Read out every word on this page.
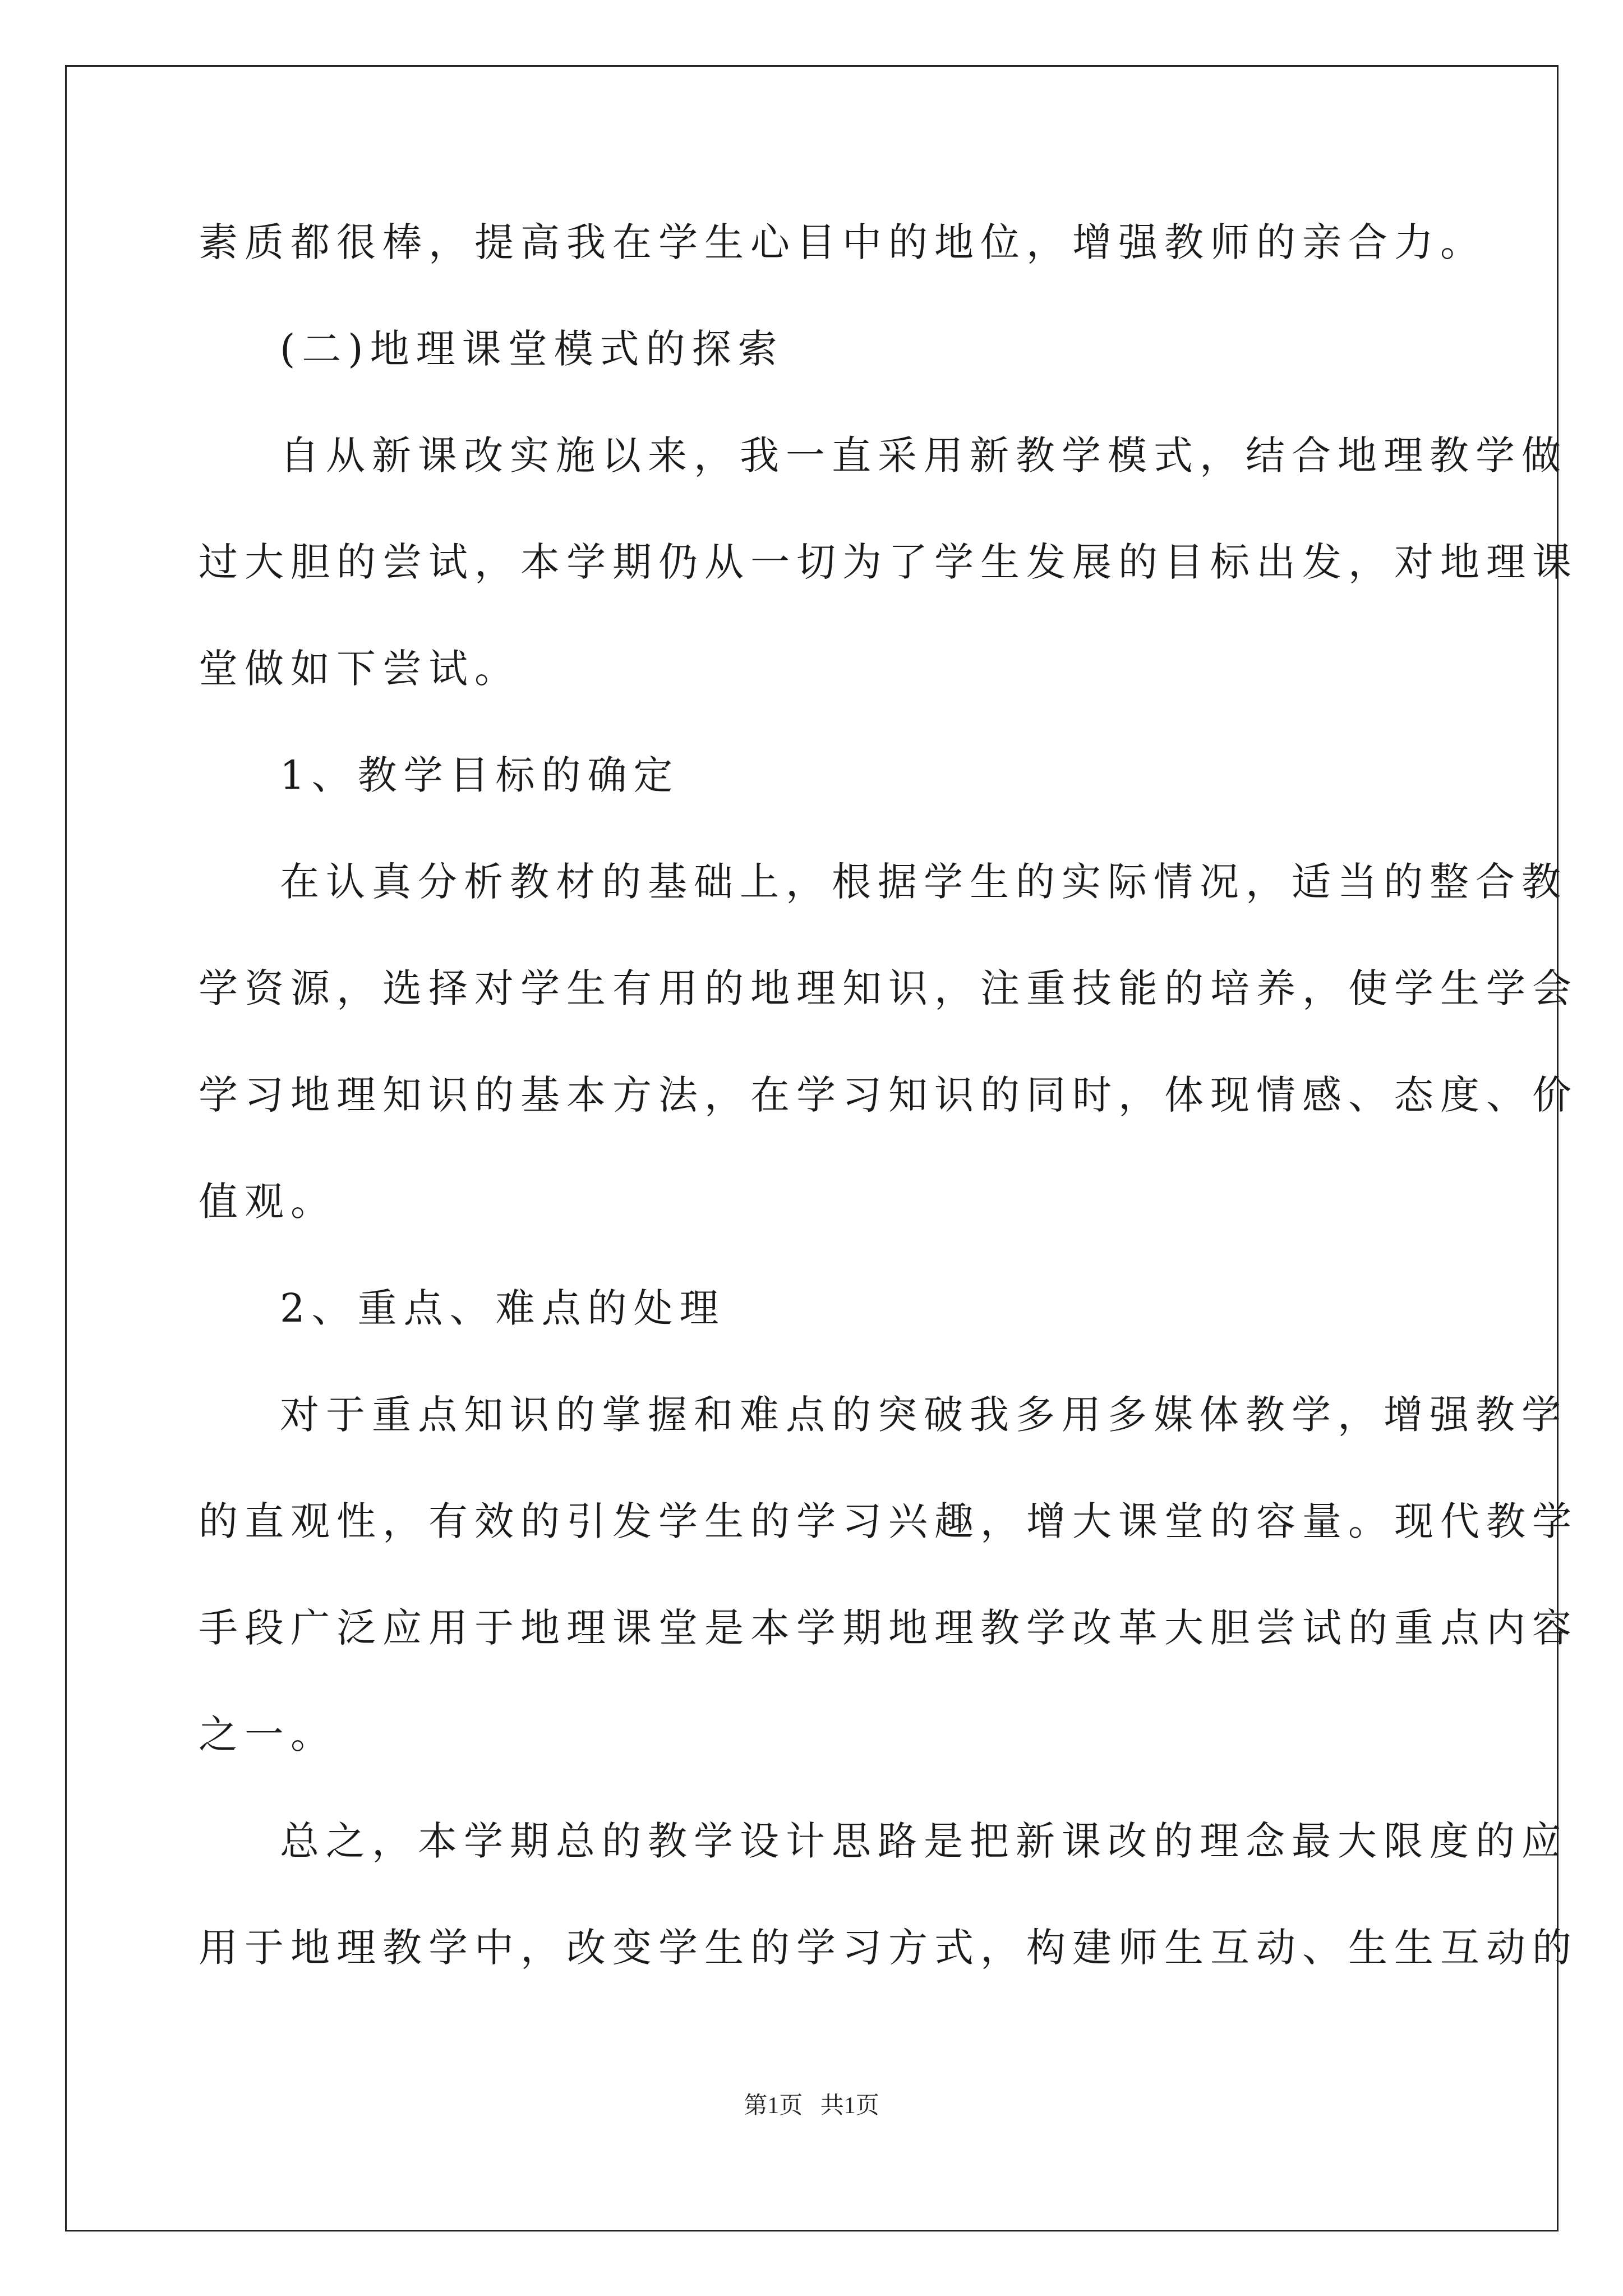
素质都很棒，提高我在学生心目中的地位，增强教师的亲合力。
(二)地理课堂模式的探索
自从新课改实施以来，我一直采用新教学模式，结合地理教学做
过大胆的尝试，本学期仍从一切为了学生发展的目标出发，对地理课
堂做如下尝试。
1、教学目标的确定
在认真分析教材的基础上，根据学生的实际情况，适当的整合教
学资源，选择对学生有用的地理知识，注重技能的培养，使学生学会
学习地理知识的基本方法，在学习知识的同时，体现情感、态度、价
值观。
2、重点、难点的处理
对于重点知识的掌握和难点的突破我多用多媒体教学，增强教学
的直观性，有效的引发学生的学习兴趣，增大课堂的容量。现代教学
手段广泛应用于地理课堂是本学期地理教学改革大胆尝试的重点内容
之一。
总之，本学期总的教学设计思路是把新课改的理念最大限度的应
用于地理教学中，改变学生的学习方式，构建师生互动、生生互动的
第1页   共1页
